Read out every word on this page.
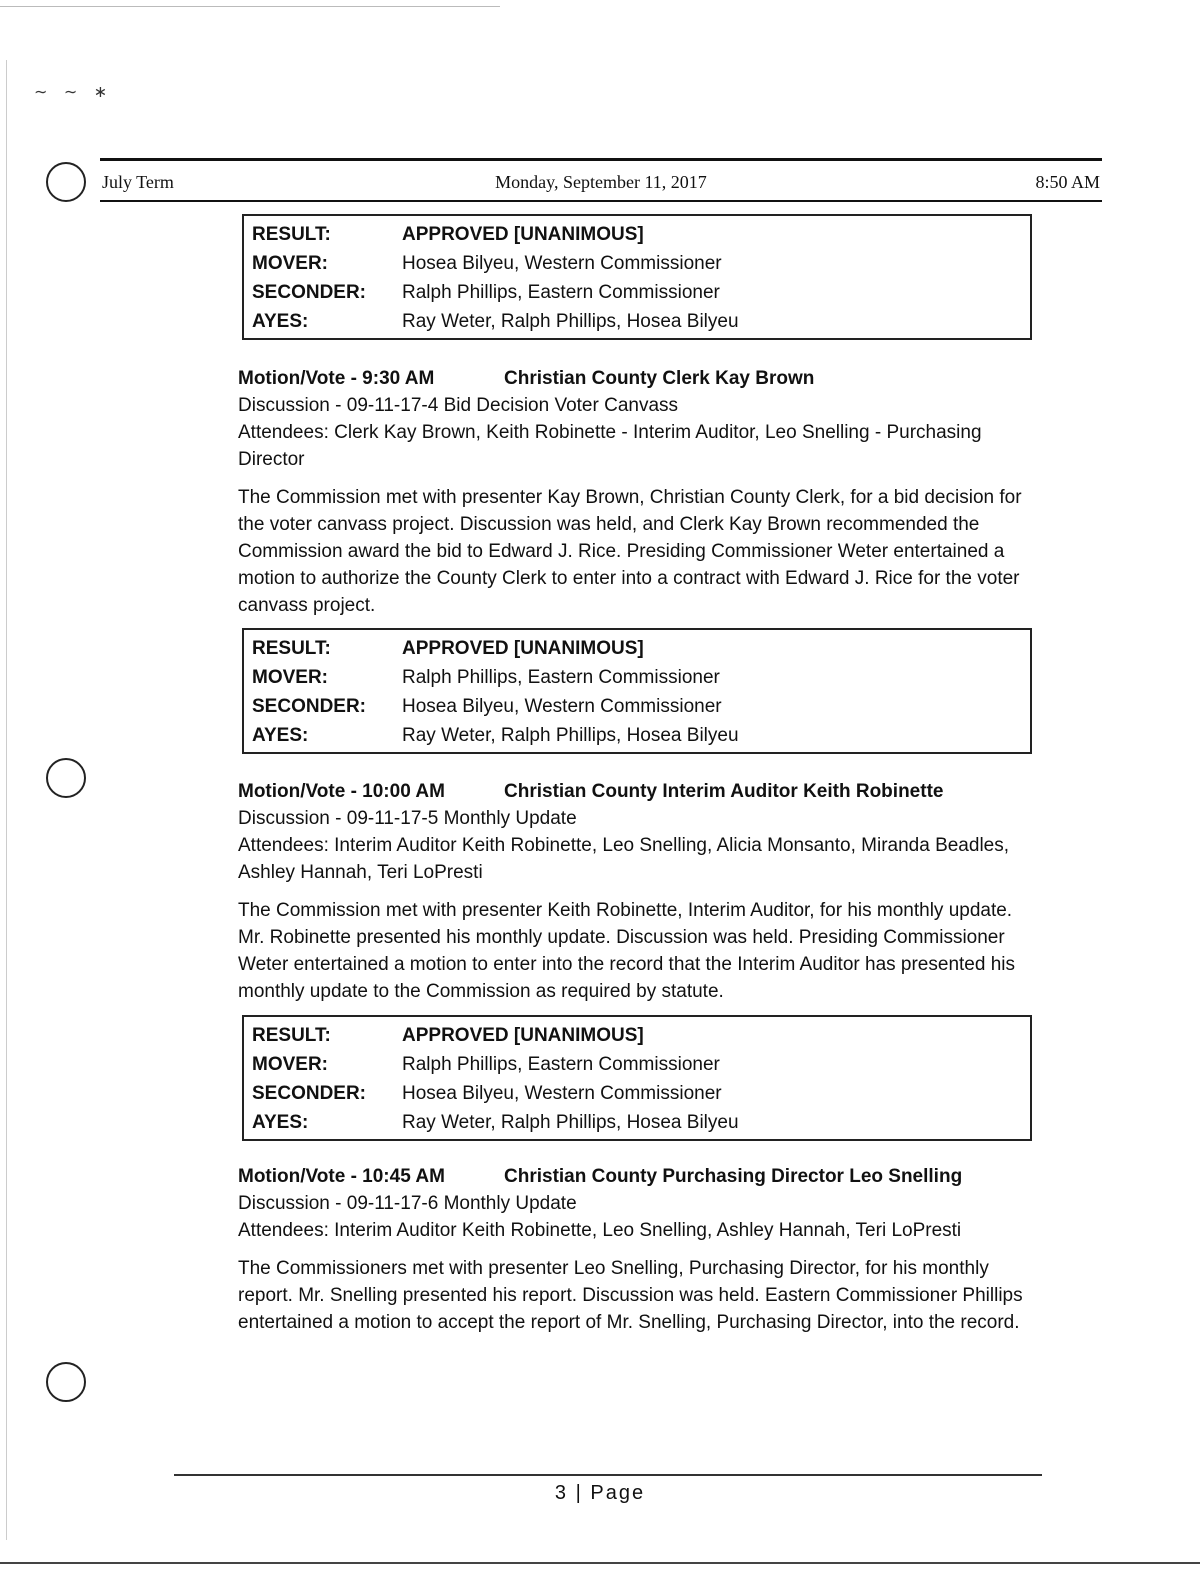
∼ ∼ ∗
Monday, September 11, 2017
July Term	8:50 AM
RESULT:	APPROVED [UNANIMOUS]
MOVER:	Hosea Bilyeu, Western Commissioner
SECONDER: Ralph Phillips, Eastern Commissioner
AYES:	Ray Weter, Ralph Phillips, Hosea Bilyeu

Motion/Vote - 9:30 AM	Christian County Clerk Kay Brown

Discussion - 09-11-17-4 Bid Decision Voter Canvass

Attendees: Clerk Kay Brown, Keith Robinette - Interim Auditor, Leo Snelling - Purchasing Director

The Commission met with presenter Kay Brown, Christian County Clerk, for a bid decision for the voter canvass project. Discussion was held, and Clerk Kay Brown recommended the Commission award the bid to Edward J. Rice. Presiding Commissioner Weter entertained a motion to authorize the County Clerk to enter into a contract with Edward J. Rice for the voter canvass project.

RESULT:	APPROVED [UNANIMOUS]
MOVER:	Ralph Phillips, Eastern Commissioner
SECONDER: Hosea Bilyeu, Western Commissioner
AYES:	Ray Weter, Ralph Phillips, Hosea Bilyeu

Motion/Vote - 10:00 AM	Christian County Interim Auditor Keith Robinette

Discussion - 09-11-17-5 Monthly Update

Attendees: Interim Auditor Keith Robinette, Leo Snelling, Alicia Monsanto, Miranda Beadles, Ashley Hannah, Teri LoPresti

The Commission met with presenter Keith Robinette, Interim Auditor, for his monthly update. Mr. Robinette presented his monthly update. Discussion was held. Presiding Commissioner Weter entertained a motion to enter into the record that the Interim Auditor has presented his monthly update to the Commission as required by statute.

RESULT:	APPROVED [UNANIMOUS]
MOVER:	Ralph Phillips, Eastern Commissioner
SECONDER: Hosea Bilyeu, Western Commissioner
AYES:	Ray Weter, Ralph Phillips, Hosea Bilyeu

Motion/Vote - 10:45 AM	Christian County Purchasing Director Leo Snelling

Discussion - 09-11-17-6 Monthly Update

Attendees: Interim Auditor Keith Robinette, Leo Snelling, Ashley Hannah, Teri LoPresti

The Commissioners met with presenter Leo Snelling, Purchasing Director, for his monthly report. Mr. Snelling presented his report. Discussion was held. Eastern Commissioner Phillips entertained a motion to accept the report of Mr. Snelling, Purchasing Director, into the record.

3 | Page
